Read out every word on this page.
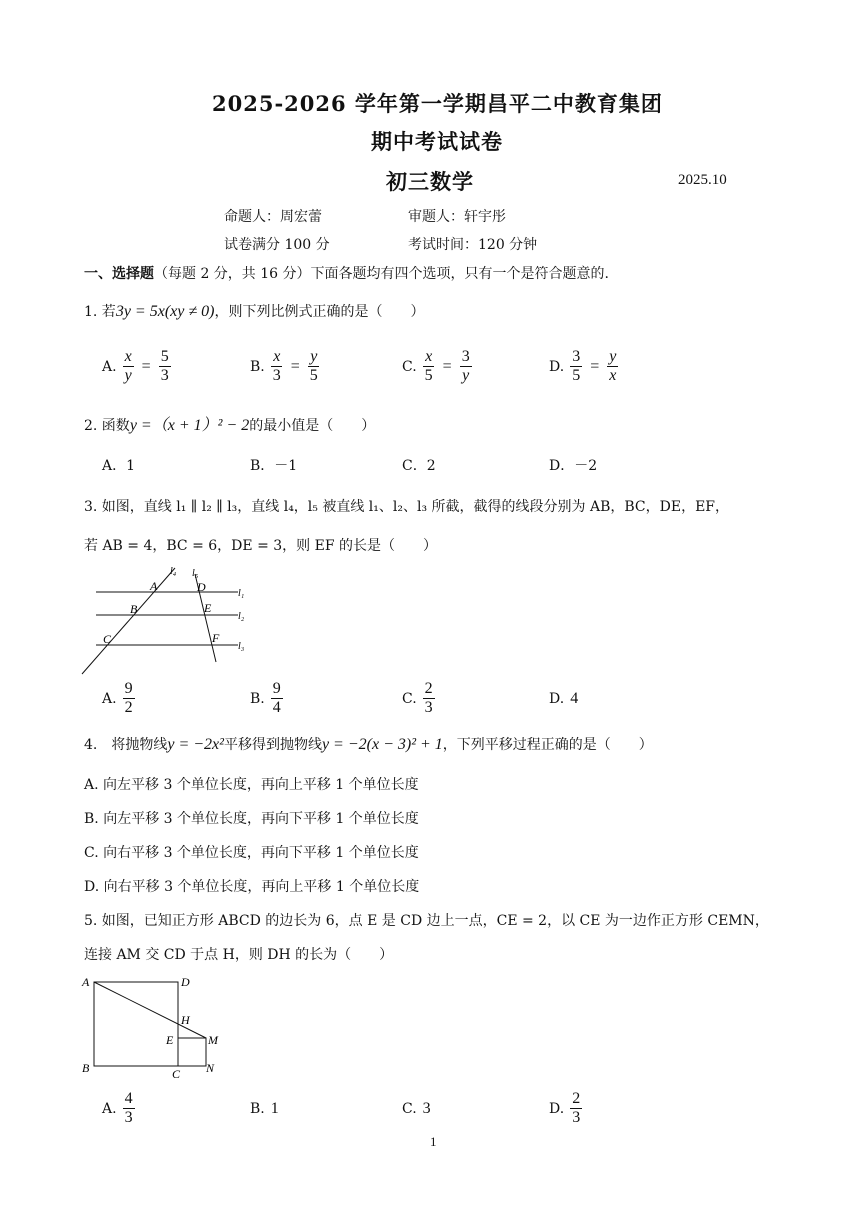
2025-2026 学年第一学期昌平二中教育集团
期中考试试卷
初三数学	2025.10
命题人：周宏蕾	审题人：轩宇彤
试卷满分 100 分	考试时间：120 分钟
一、选择题（每题 2 分，共 16 分）下面各题均有四个选项，只有一个是符合题意的.
1. 若3y = 5x(xy ≠ 0)，则下列比例式正确的是（　　）
A. $\frac{x}{y} = \frac{5}{3}$	B. $\frac{x}{3} = \frac{y}{5}$	C. $\frac{x}{5} = \frac{3}{y}$	D. $\frac{3}{5} = \frac{y}{x}$
2. 函数y =（x + 1）² − 2的最小值是（　　）
A．1	B．－1	C．2	D．－2
3. 如图，直线 l₁ ∥ l₂ ∥ l₃，直线 l₄，l₅ 被直线 l₁、l₂、l₃ 所截，截得的线段分别为 AB，BC，DE，EF，
若 AB = 4，BC = 6，DE = 3，则 EF 的长是（　　）
l₄ l₅
A	D
B	E
C	F
l₁
l₂
l₃
A. $\frac{9}{2}$	B. $\frac{9}{4}$	C. $\frac{2}{3}$	D. 4
4.　将抛物线y = −2x²平移得到抛物线y = −2(x − 3)² + 1，下列平移过程正确的是（　　）
A. 向左平移 3 个单位长度，再向上平移 1 个单位长度
B. 向左平移 3 个单位长度，再向下平移 1 个单位长度
C. 向右平移 3 个单位长度，再向下平移 1 个单位长度
D. 向右平移 3 个单位长度，再向上平移 1 个单位长度
5. 如图，已知正方形 ABCD 的边长为 6，点 E 是 CD 边上一点，CE = 2，以 CE 为一边作正方形 CEMN，
连接 AM 交 CD 于点 H，则 DH 的长为（　　）
A	D
H
E	M
B	C N
A. $\frac{4}{3}$	B. 1	C. 3	D. $\frac{2}{3}$
1
